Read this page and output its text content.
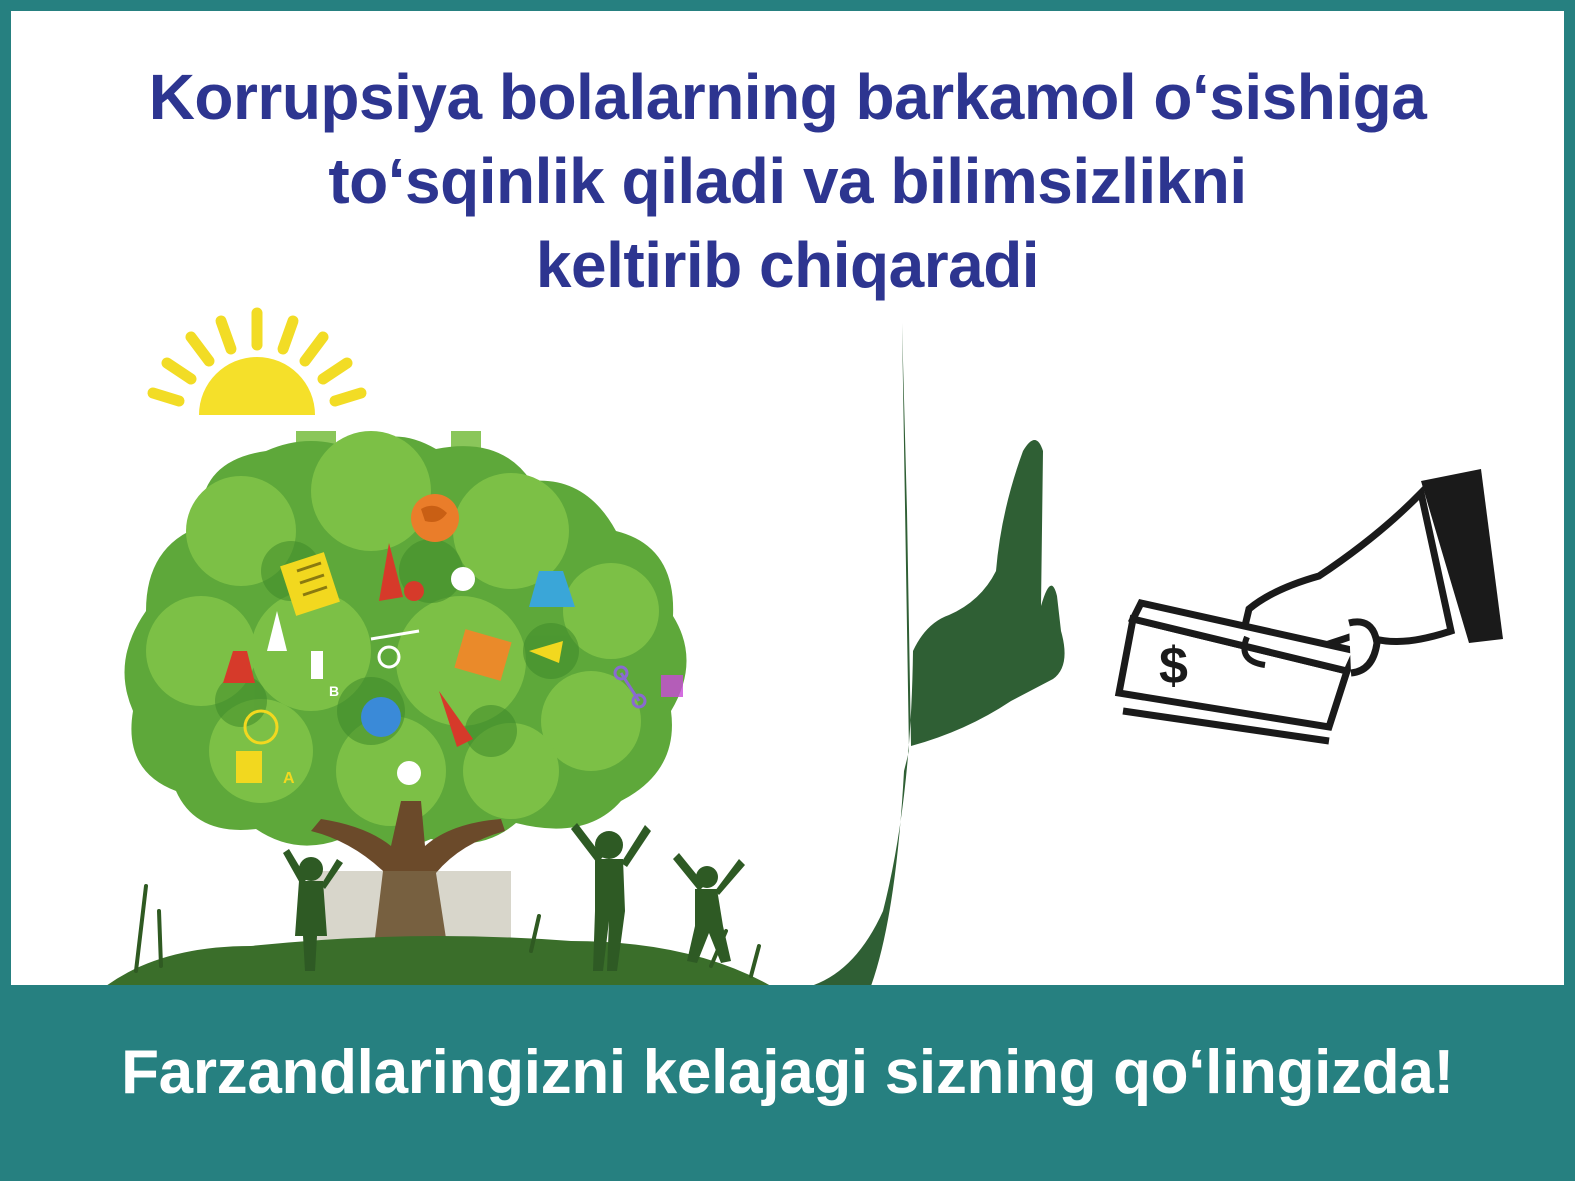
Korrupsiya bolalarning barkamol o‘sishiga
to‘sqinlik qiladi va bilimsizlikni
keltirib chiqaradi
B
A
$

Farzandlaringizni kelajagi sizning qo‘lingizda!
